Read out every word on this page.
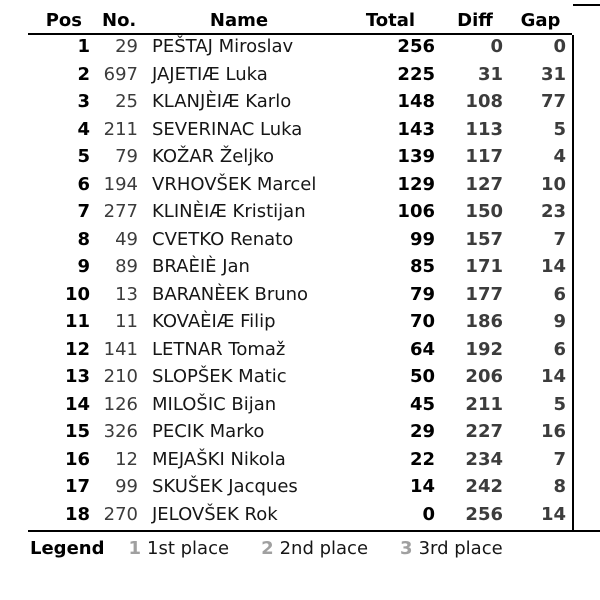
Pos	No.	Name	Total	Diff	Gap
1	29 PEŠTAJ Miroslav	256	0	0
2 697 JAJETIÆ Luka	225	31	31
3	25 KLANJÈIÆ Karlo	148	108	77
4 211 SEVERINAC Luka	143	113	5
5	79 KOŽAR Željko	139	117	4
6 194 VRHOVŠEK Marcel	129	127	10
7 277 KLINÈIÆ Kristijan	106	150	23
8	49 CVETKO Renato	99	157	7
9	89 BRAÈIÈ Jan	85	171	14
10	13 BARANÈEK Bruno	79	177	6
11	11 KOVAÈIÆ Filip	70	186	9
12 141 LETNAR Tomaž	64	192	6
13 210 SLOPŠEK Matic	50	206	14
14 126 MILOŠIC Bijan	45	211	5
15 326 PECIK Marko	29	227	16
16	12 MEJAŠKI Nikola	22	234	7
17	99 SKUŠEK Jacques	14	242	8
18 270 JELOVŠEK Rok	0	256	14
Legend 1 1st place 2 2nd place 3 3rd place
